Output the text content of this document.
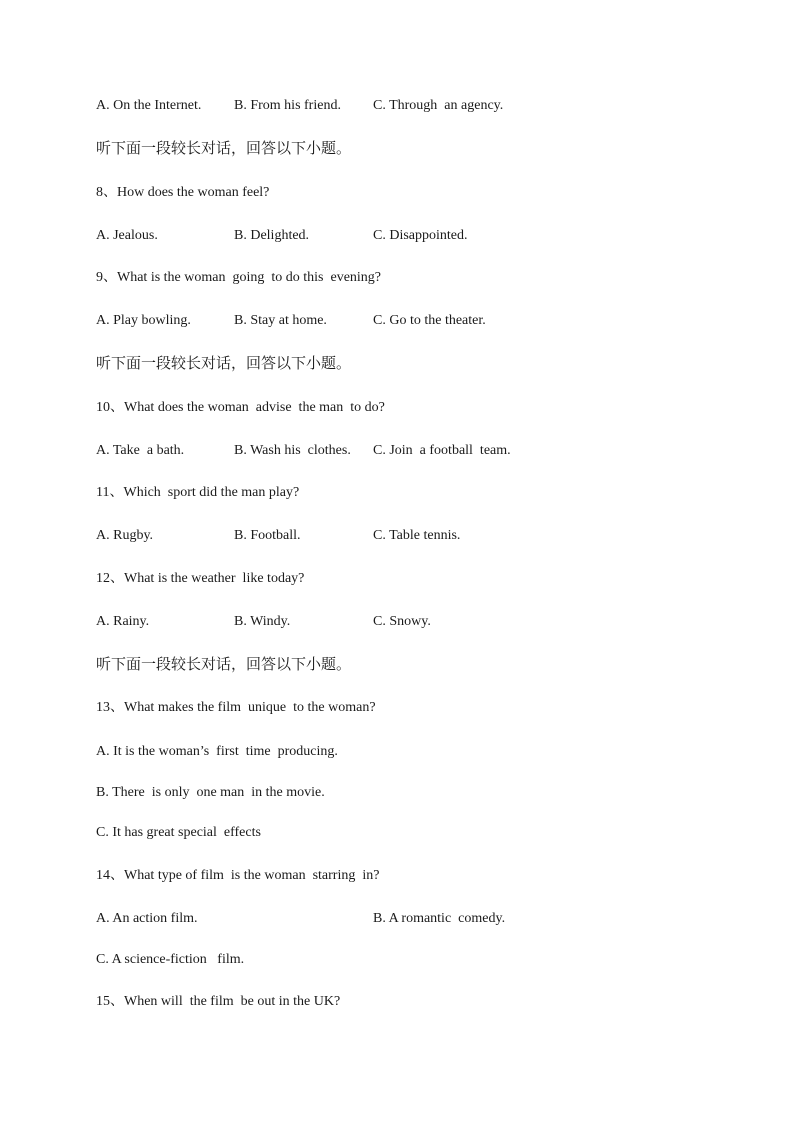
A. On the Internet. B. From his friend. C. Through  an agency.
听下面一段较长对话，回答以下小题。
8、How does the woman feel?
A. Jealous.	B. Delighted.	C. Disappointed.
9、What is the woman  going  to do this  evening?
A. Play bowling.	B. Stay at home.	C. Go to the theater.
听下面一段较长对话，回答以下小题。
10、What does the woman  advise  the man  to do?
A. Take  a bath.	B. Wash his  clothes. C. Join  a football  team.
11、Which  sport did the man play?
A. Rugby.	B. Football.	C. Table tennis.
12、What is the weather  like today?
A. Rainy.	B. Windy.	C. Snowy.
听下面一段较长对话，回答以下小题。
13、What makes the film  unique  to the woman?
A. It is the woman’s  first  time  producing.
B. There  is only  one man  in the movie.
C. It has great special  effects
14、What type of film  is the woman  starring  in?
A. An action film.	B. A romantic  comedy.
C. A science-fiction   film.
15、When will  the film  be out in the UK?
